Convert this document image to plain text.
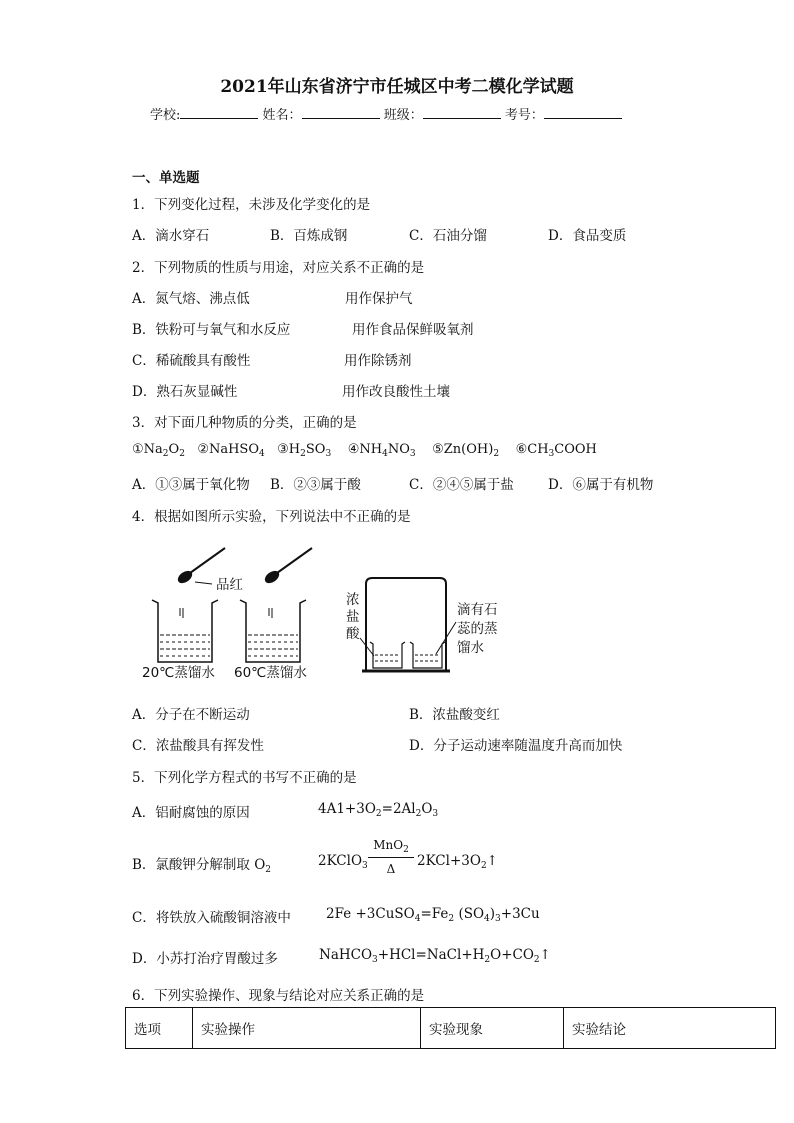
2021年山东省济宁市任城区中考二模化学试题
学校:	姓名：	班级：	考号：
一、单选题
1．下列变化过程，未涉及化学变化的是
A．滴水穿石	B．百炼成钢	C．石油分馏	D．食品变质
2．下列物质的性质与用途，对应关系不正确的是
A．氮气熔、沸点低	用作保护气
B．铁粉可与氧气和水反应	用作食品保鲜吸氧剂
C．稀硫酸具有酸性	用作除锈剂
D．熟石灰显碱性	用作改良酸性土壤
3．对下面几种物质的分类，正确的是
$①Na_2O_2$   ②NaHSO$_4$   $③H_2SO_3$    $④NH_4NO_3$    $⑤Zn(OH)_2$    $⑥CH_3COOH$
A．①③属于氧化物 B．②③属于酸	C．②④⑤属于盐	D．⑥属于有机物
4．根据如图所示实验，下列说法中不正确的是
品红
20℃蒸馏水 60℃蒸馏水
浓
盐
酸
滴有石
蕊的蒸
馏水
A．分子在不断运动	B．浓盐酸变红
C．浓盐酸具有挥发性	D．分子运动速率随温度升高而加快
5．下列化学方程式的书写不正确的是
A．铝耐腐蚀的原因	$4A1+3O_2=2Al_2O_3$
B．氯酸钾分解制取 $O_2$
2KClO$_3$
MnO$_2$
Δ	$2KCl+3O_2↑$
C．将铁放入硫酸铜溶液中	$2Fe +3CuSO_4=Fe_2$ $(SO_4)_3+3Cu$
D．小苏打治疗胃酸过多	$NaHCO_3+HCl=NaCl+H_2O+CO_2↑$
6．下列实验操作、现象与结论对应关系正确的是
选项	实验操作	实验现象	实验结论
